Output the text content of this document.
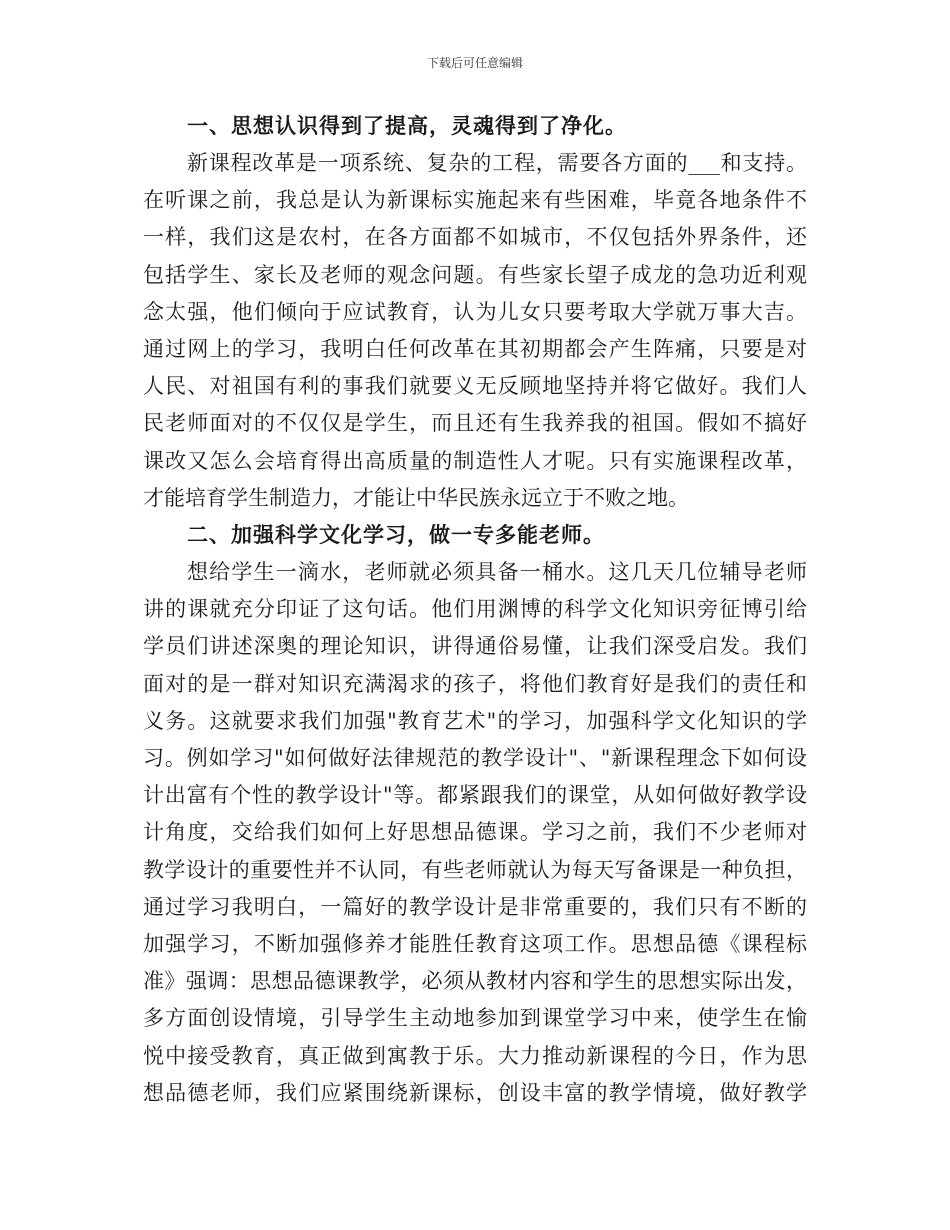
下载后可任意编辑

一、思想认识得到了提高，灵魂得到了净化。

新课程改革是一项系统、复杂的工程，需要各方面的___和支持。

在听课之前，我总是认为新课标实施起来有些困难，毕竟各地条件不

一样，我们这是农村，在各方面都不如城市，不仅包括外界条件，还

包括学生、家长及老师的观念问题。有些家长望子成龙的急功近利观

念太强，他们倾向于应试教育，认为儿女只要考取大学就万事大吉。

通过网上的学习，我明白任何改革在其初期都会产生阵痛，只要是对

人民、对祖国有利的事我们就要义无反顾地坚持并将它做好。我们人

民老师面对的不仅仅是学生，而且还有生我养我的祖国。假如不搞好

课改又怎么会培育得出高质量的制造性人才呢。只有实施课程改革，

才能培育学生制造力，才能让中华民族永远立于不败之地。

二、加强科学文化学习，做一专多能老师。

想给学生一滴水，老师就必须具备一桶水。这几天几位辅导老师

讲的课就充分印证了这句话。他们用渊博的科学文化知识旁征博引给

学员们讲述深奥的理论知识，讲得通俗易懂，让我们深受启发。我们

面对的是一群对知识充满渴求的孩子，将他们教育好是我们的责任和

义务。这就要求我们加强"教育艺术"的学习，加强科学文化知识的学

习。例如学习"如何做好法律规范的教学设计"、"新课程理念下如何设

计出富有个性的教学设计"等。都紧跟我们的课堂，从如何做好教学设

计角度，交给我们如何上好思想品德课。学习之前，我们不少老师对

教学设计的重要性并不认同，有些老师就认为每天写备课是一种负担，

通过学习我明白，一篇好的教学设计是非常重要的，我们只有不断的

加强学习，不断加强修养才能胜任教育这项工作。思想品德《课程标

准》强调：思想品德课教学，必须从教材内容和学生的思想实际出发，

多方面创设情境，引导学生主动地参加到课堂学习中来，使学生在愉

悦中接受教育，真正做到寓教于乐。大力推动新课程的今日，作为思

想品德老师，我们应紧围绕新课标，创设丰富的教学情境，做好教学
